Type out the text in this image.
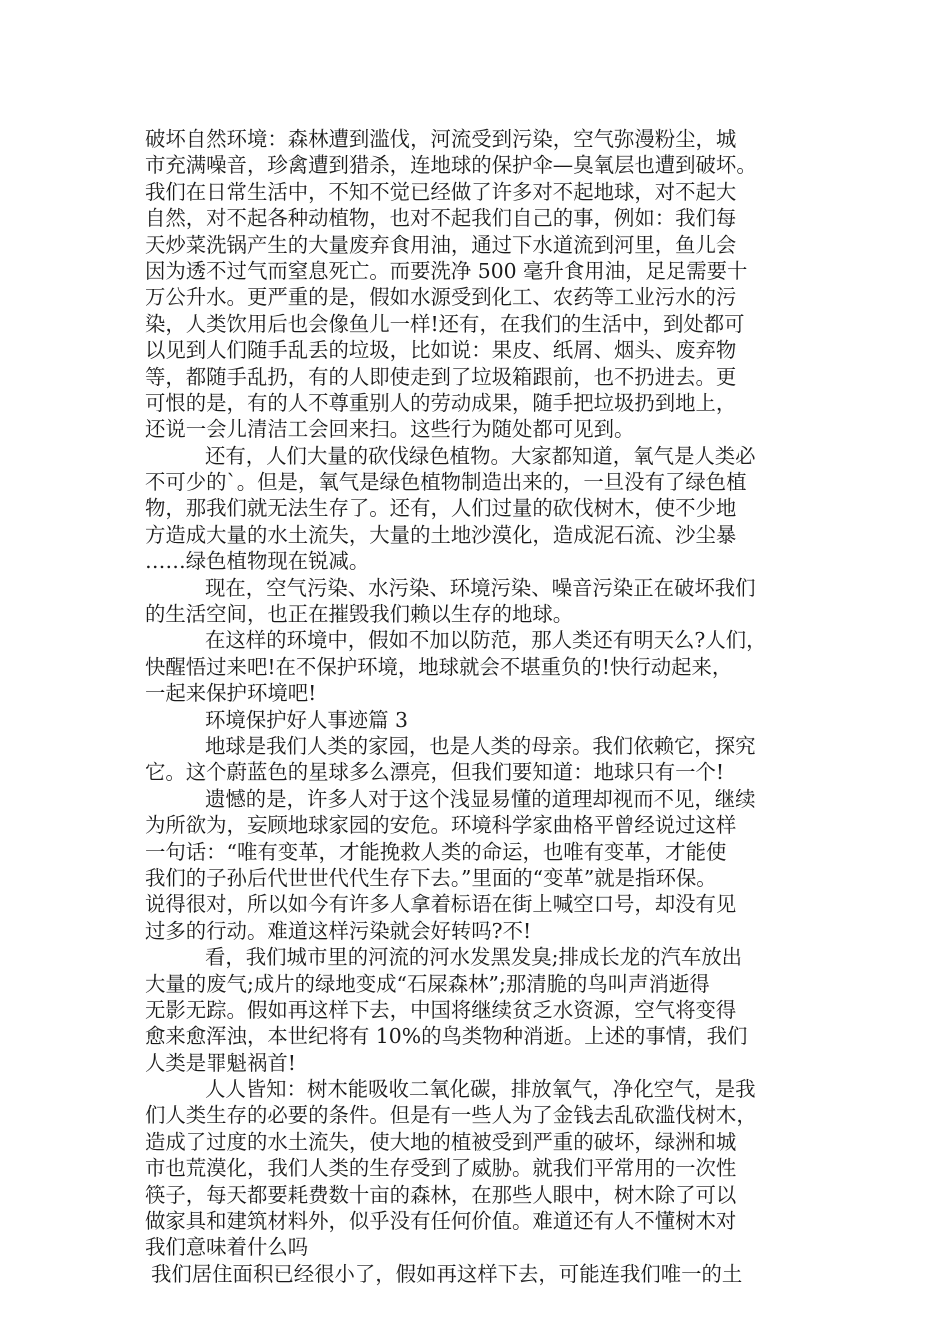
破坏自然环境：森林遭到滥伐，河流受到污染，空气弥漫粉尘，城
市充满噪音，珍禽遭到猎杀，连地球的保护伞—臭氧层也遭到破坏。
我们在日常生活中，不知不觉已经做了许多对不起地球，对不起大
自然，对不起各种动植物，也对不起我们自己的事，例如：我们每
天炒菜洗锅产生的大量废弃食用油，通过下水道流到河里，鱼儿会
因为透不过气而窒息死亡。而要洗净 500 毫升食用油，足足需要十
万公升水。更严重的是，假如水源受到化工、农药等工业污水的污
染，人类饮用后也会像鱼儿一样!还有，在我们的生活中，到处都可
以见到人们随手乱丢的垃圾，比如说：果皮、纸屑、烟头、废弃物
等，都随手乱扔，有的人即使走到了垃圾箱跟前，也不扔进去。更
可恨的是，有的人不尊重别人的劳动成果，随手把垃圾扔到地上，
还说一会儿清洁工会回来扫。这些行为随处都可见到。
还有，人们大量的砍伐绿色植物。大家都知道，氧气是人类必
不可少的`。但是，氧气是绿色植物制造出来的，一旦没有了绿色植
物，那我们就无法生存了。还有，人们过量的砍伐树木，使不少地
方造成大量的水土流失，大量的土地沙漠化，造成泥石流、沙尘暴
……绿色植物现在锐减。
现在，空气污染、水污染、环境污染、噪音污染正在破坏我们
的生活空间，也正在摧毁我们赖以生存的地球。
在这样的环境中，假如不加以防范，那人类还有明天么?人们，
快醒悟过来吧!在不保护环境，地球就会不堪重负的!快行动起来，
一起来保护环境吧!
环境保护好人事迹篇 3
地球是我们人类的家园，也是人类的母亲。我们依赖它，探究
它。这个蔚蓝色的星球多么漂亮，但我们要知道：地球只有一个!
遗憾的是，许多人对于这个浅显易懂的道理却视而不见，继续
为所欲为，妄顾地球家园的安危。环境科学家曲格平曾经说过这样
一句话：“唯有变革，才能挽救人类的命运，也唯有变革，才能使
我们的子孙后代世世代代生存下去。”里面的“变革”就是指环保。
说得很对，所以如今有许多人拿着标语在街上喊空口号，却没有见
过多的行动。难道这样污染就会好转吗?不!
看，我们城市里的河流的河水发黑发臭;排成长龙的汽车放出
大量的废气;成片的绿地变成“石屎森林”;那清脆的鸟叫声消逝得
无影无踪。假如再这样下去，中国将继续贫乏水资源，空气将变得
愈来愈浑浊，本世纪将有 10%的鸟类物种消逝。上述的事情，我们
人类是罪魁祸首!
人人皆知：树木能吸收二氧化碳，排放氧气，净化空气，是我
们人类生存的必要的条件。但是有一些人为了金钱去乱砍滥伐树木，
造成了过度的水土流失，使大地的植被受到严重的破坏，绿洲和城
市也荒漠化，我们人类的生存受到了威胁。就我们平常用的一次性
筷子，每天都要耗费数十亩的森林，在那些人眼中，树木除了可以
做家具和建筑材料外，似乎没有任何价值。难道还有人不懂树木对
我们意味着什么吗
我们居住面积已经很小了，假如再这样下去，可能连我们唯一的土
